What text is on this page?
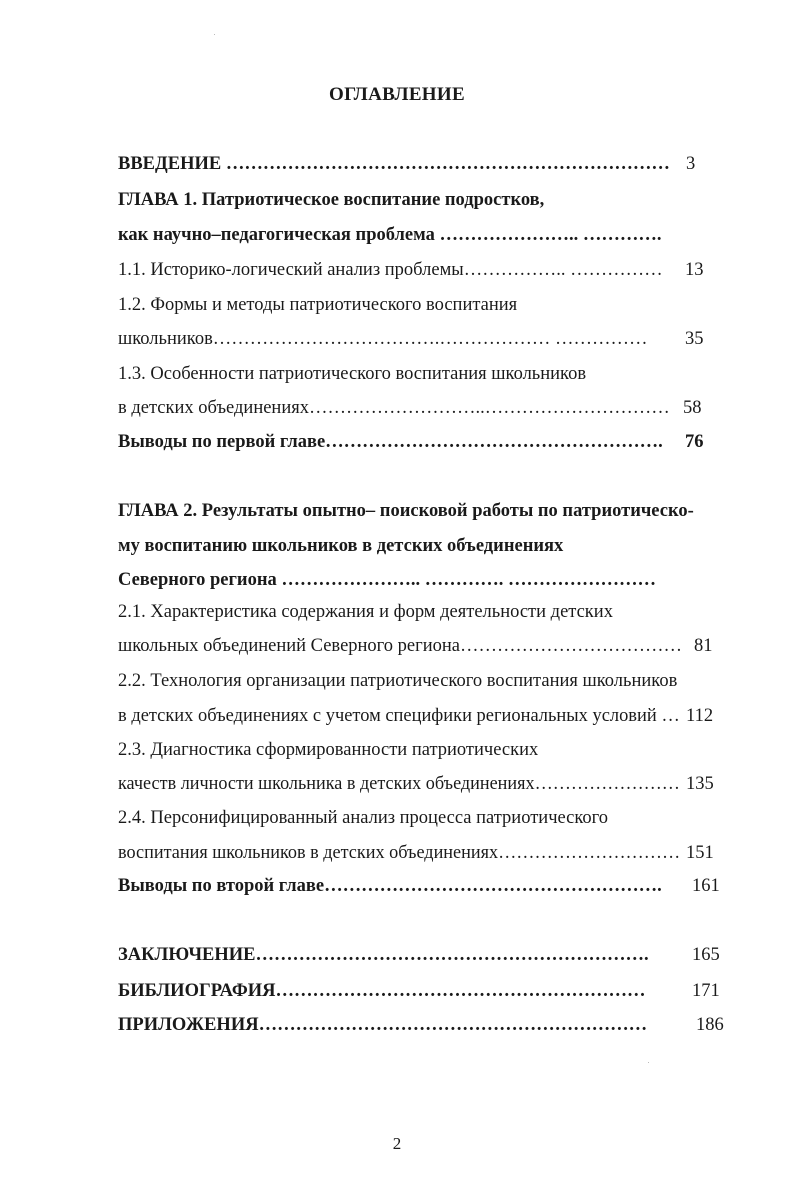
ОГЛАВЛЕНИЕ
ВВЕДЕНИЕ ……………………………………………………………… 3
ГЛАВА 1. Патриотическое воспитание подростков,
как научно–педагогическая проблема ………………….. ………….
1.1. Историко-логический анализ проблемы…………….. …………… 13
1.2. Формы и методы патриотического воспитания
школьников……………………………….……………… …………… 35
1.3. Особенности патриотического воспитания школьников
в детских объединениях………………………..………………………… 58
Выводы по первой главе………………………………………………. 76
ГЛАВА 2. Результаты опытно– поисковой работы по патриотическо-
му воспитанию школьников в детских объединениях
Северного региона ………………….. …………. ……………………
2.1. Характеристика содержания и форм деятельности детских
школьных объединений Северного региона……………………………… 81
2.2. Технология организации патриотического воспитания школьников
в детских объединениях с учетом специфики региональных условий … 112
2.3. Диагностика сформированности патриотических
качеств личности школьника в детских объединениях…………………… 135
2.4. Персонифицированный анализ процесса патриотического
воспитания школьников в детских объединениях………………………… 151
Выводы по второй главе………………………………………………. 161
ЗАКЛЮЧЕНИЕ………………………………………………………. 165
БИБЛИОГРАФИЯ……………………………………………………	171
ПРИЛОЖЕНИЯ………………………………………………………	186
2
